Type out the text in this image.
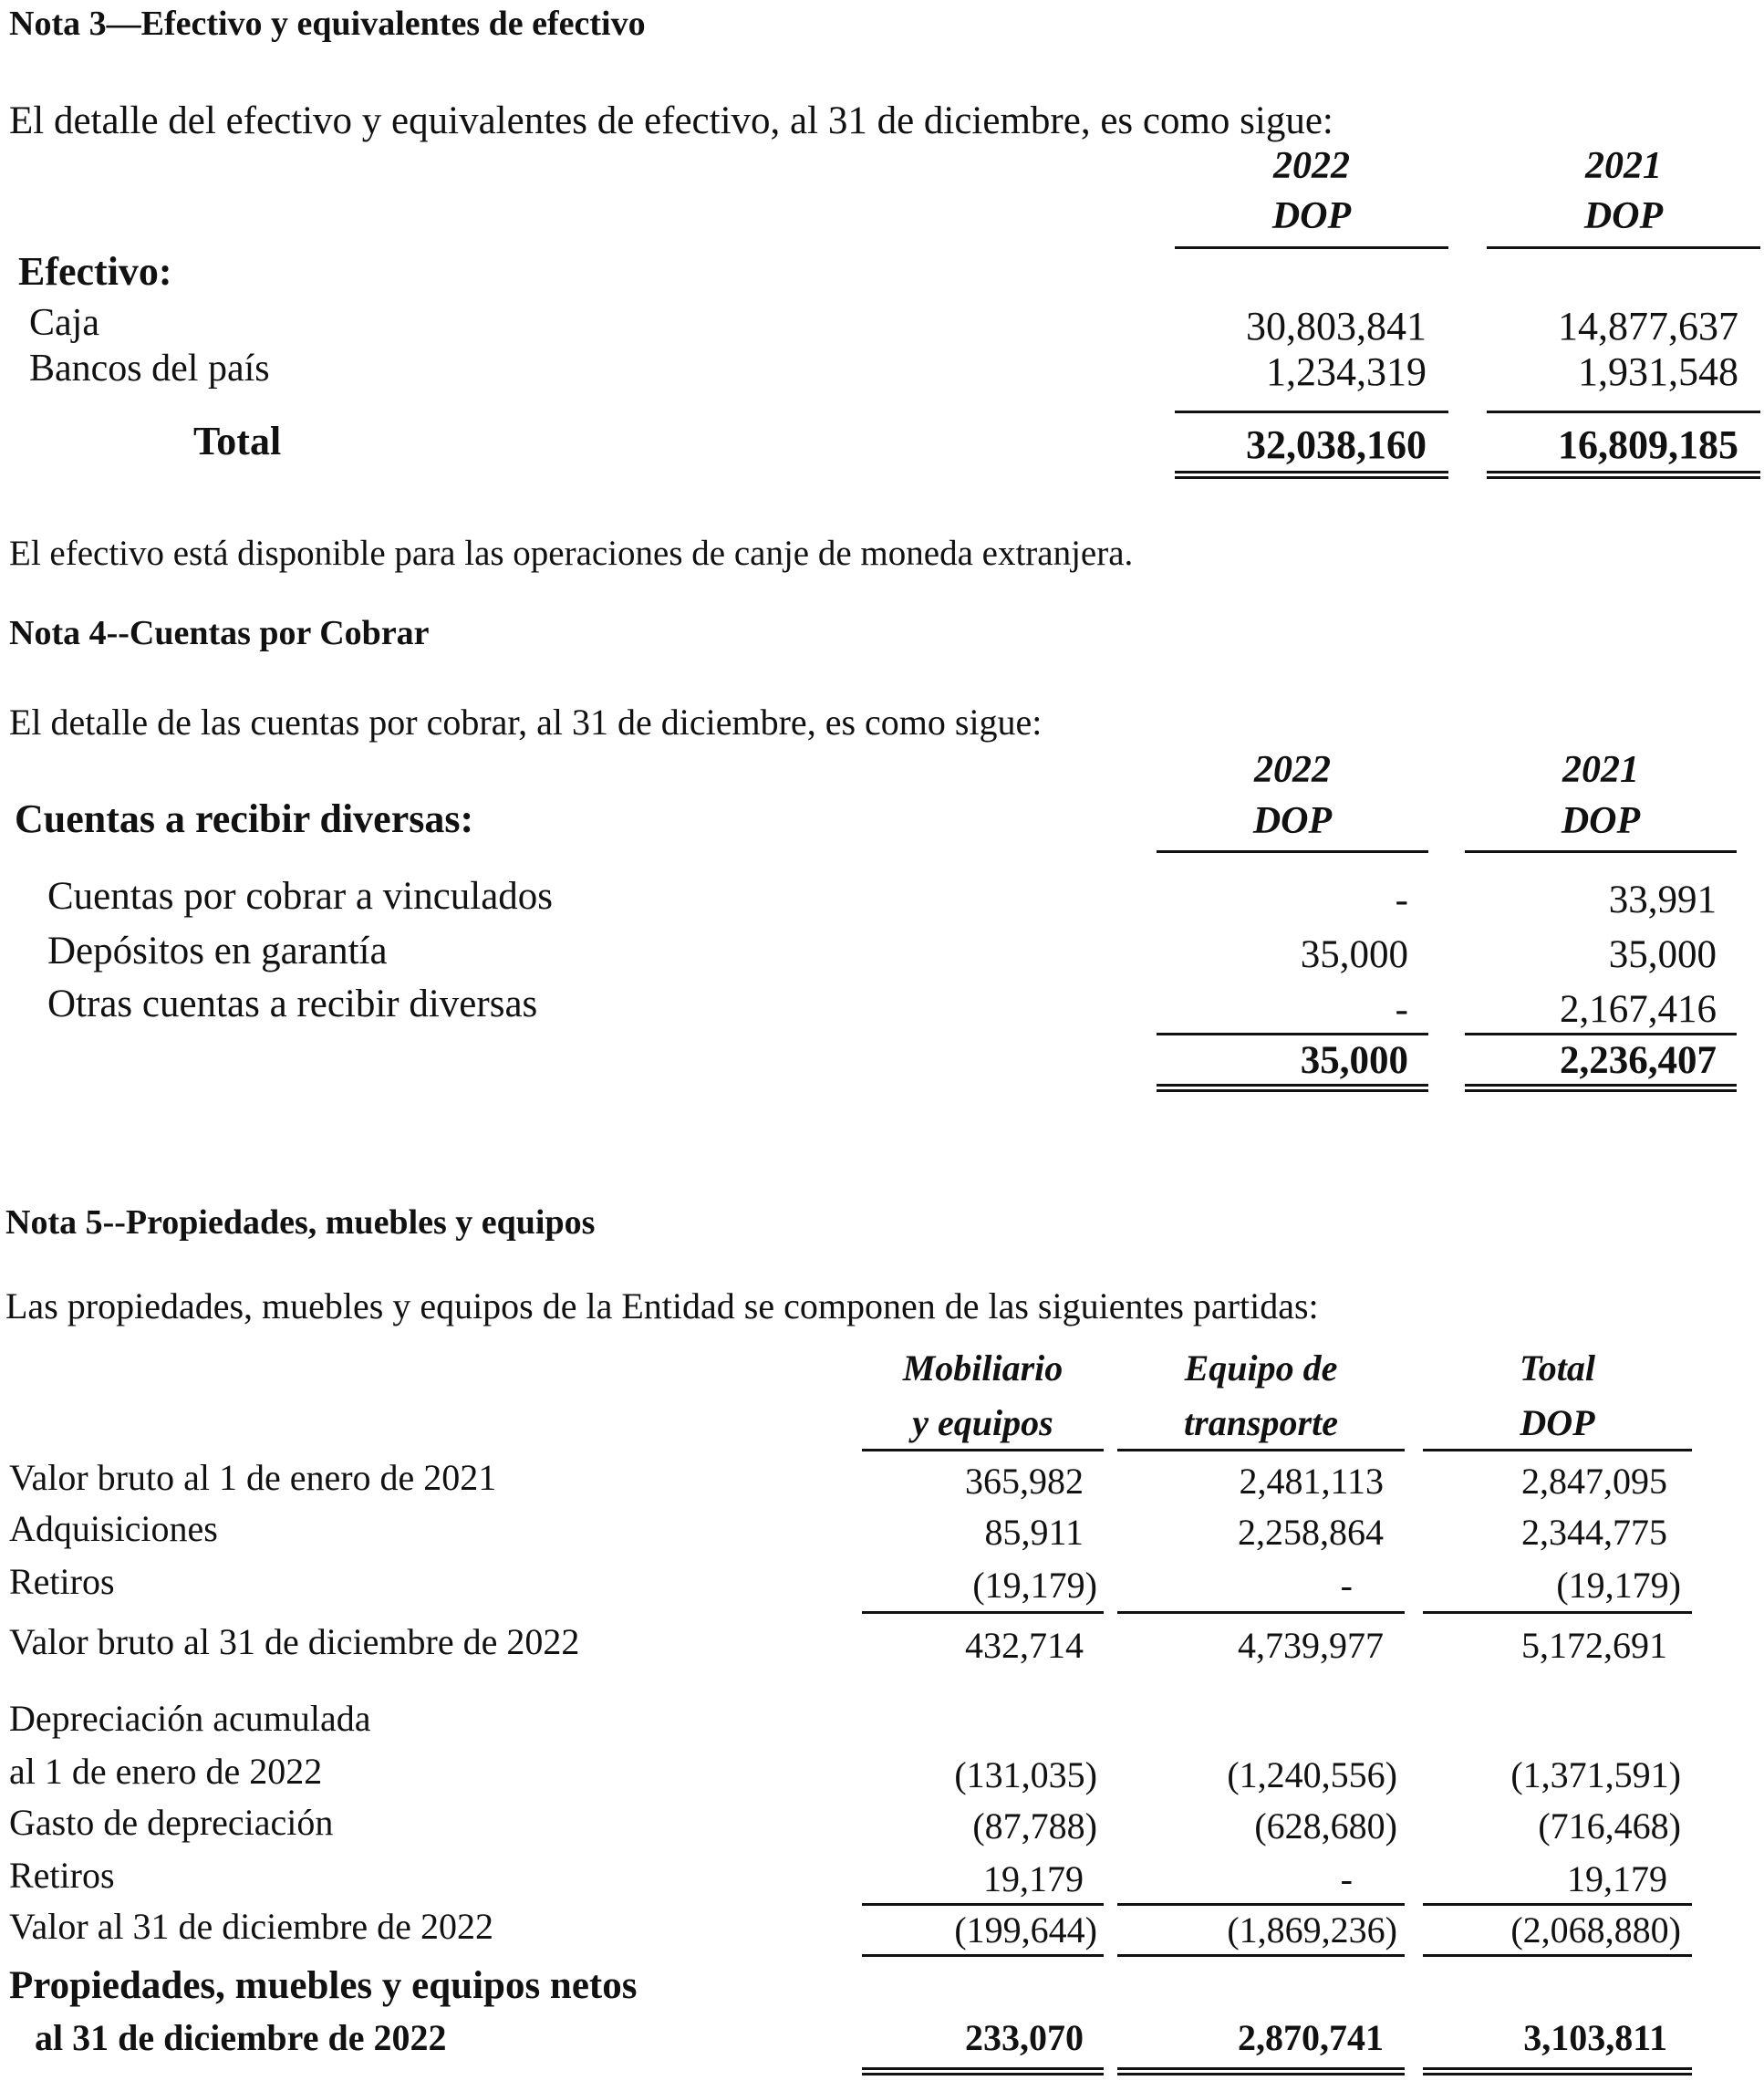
Nota 3—Efectivo y equivalentes de efectivo
El detalle del efectivo y equivalentes de efectivo, al 31 de diciembre, es como sigue:
2022
DOP
2021
DOP
Efectivo:
Caja	30,803,841	14,877,637
Bancos del país	1,234,319	1,931,548
Total	32,038,160	16,809,185
El efectivo está disponible para las operaciones de canje de moneda extranjera.
Nota 4--Cuentas por Cobrar
El detalle de las cuentas por cobrar, al 31 de diciembre, es como sigue:
2022
DOP
2021
DOP
Cuentas a recibir diversas:
Cuentas por cobrar a vinculados	-	33,991
Depósitos en garantía	35,000	35,000
Otras cuentas a recibir diversas	-	2,167,416
35,000	2,236,407
Nota 5--Propiedades, muebles y equipos
Las propiedades, muebles y equipos de la Entidad se componen de las siguientes partidas:
Mobiliario
y equipos
Equipo de
transporte
Total
DOP
Valor bruto al 1 de enero de 2021	365,982	2,481,113	2,847,095
Adquisiciones	85,911	2,258,864	2,344,775
Retiros	(19,179)	-	(19,179)
Valor bruto al 31 de diciembre de 2022	432,714	4,739,977	5,172,691
Depreciación acumulada
al 1 de enero de 2022	(131,035)	(1,240,556)	(1,371,591)
Gasto de depreciación	(87,788)	(628,680)	(716,468)
Retiros	19,179	-	19,179
Valor al 31 de diciembre de 2022	(199,644)	(1,869,236)	(2,068,880)
Propiedades, muebles y equipos netos
al 31 de diciembre de 2022	233,070	2,870,741	3,103,811
